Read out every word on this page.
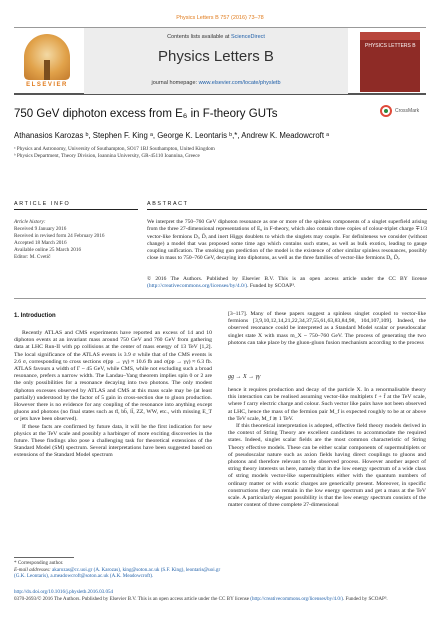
Physics Letters B 757 (2016) 73–78
ELSEVIER
Contents lists available at ScienceDirect
Physics Letters B
journal homepage: www.elsevier.com/locate/physletb
PHYSICS LETTERS B
750 GeV diphoton excess from E₆ in F-theory GUTs	CrossMark
Athanasios Karozas ᵇ, Stephen F. King ᵃ, George K. Leontaris ᵇ,*, Andrew K. Meadowcroft ᵃ
ᵃ Physics and Astronomy, University of Southampton, SO17 1BJ Southampton, United Kingdom
ᵇ Physics Department, Theory Division, Ioannina University, GR-45110 Ioannina, Greece
ARTICLE INFO	ABSTRACT
Article history:
Received 9 January 2016
Received in revised form 24 February 2016
Accepted 18 March 2016
Available online 25 March 2016
Editor: M. Cvetič
We interpret the 750–760 GeV diphoton resonance as one or more of the spinless components of a singlet superfield arising from the three 27-dimensional representations of E₆ in F-theory, which also contain three copies of colour-triplet charge ∓1/3 vector-like fermions Dᵢ, D̄ᵢ and inert Higgs doublets to which the singlets may couple. For definiteness we consider (without change) a model that was proposed some time ago which contains such states, as well as bulk exotics, leading to gauge coupling unification. The smoking gun prediction of the model is the existence of other similar spinless resonances, possibly close in mass to 750–760 GeV, decaying into diphotons, as well as the three families of vector-like fermions Dᵢ, D̄ᵢ.
© 2016 The Authors. Published by Elsevier B.V. This is an open access article under the CC BY license (http://creativecommons.org/licenses/by/4.0/). Funded by SCOAP³.
1. Introduction

Recently ATLAS and CMS experiments have reported an excess of 14 and 10 diphoton events at an invariant mass around 750 GeV and 760 GeV from gathering data at LHC Run-II with pp collisions at the center of mass energy of 13 TeV [1,2]. The local significance of the ATLAS events is 3.9 σ while that of the CMS events is 2.6 σ, corresponding to cross sections σ(pp → γγ) ≈ 10.6 fb and σ(pp → γγ) ≈ 6.3 fb. ATLAS favours a width of Γ ~ 45 GeV, while CMS, while not excluding such a broad resonance, prefers a narrow width. The Landau–Yang theorem implies spin 0 or 2 are the only possibilities for a resonance decaying into two photons. The only modest diphoton excesses observed by ATLAS and CMS at this mass scale may be (at least partially) understood by the factor of 5 gain in cross-section due to gluon production. However there is no evidence for any coupling of the resonance into anything except gluons and photons (no final states such as tt̄, bb̄, ll̄, ZZ, WW, etc., with missing E_T or jets have been observed).

If these facts are confirmed by future data, it will be the first indication for new physics at the TeV scale and possibly a harbinger of more exciting discoveries in the future. These findings also pose a challenging task for theoretical extensions of the Standard Model (SM) spectrum. Several interpretations have been suggested based on extensions of the Standard Model spectrum

[3–117]. Many of these papers suggest a spinless singlet coupled to vector-like fermions [3,9,10,12,14,21,22,34,37,55,61,63,83,84,98, 104,107,109]. Indeed, the observed resonance could be interpreted as a Standard Model scalar or pseudoscalar singlet state X with mass m_X ~ 750–760 GeV. The process of generating the two photons can take place by the gluon-gluon fusion mechanism according to the process

gg → X → γγ

hence it requires production and decay of the particle X. In a renormalisable theory this interaction can be realised assuming vector-like multiplets f + f̄ at the TeV scale, where f carry electric charge and colour. Such vector like pairs have not been observed at LHC, hence the mass of the fermion pair M_f is expected roughly to be at or above the TeV scale, M_f ≳ 1 TeV.

If this theoretical interpretation is adopted, effective field theory models derived in the context of String Theory are excellent candidates to accommodate the required states. Indeed, singlet scalar fields are the most common characteristic of String Theory effective models. These can be either scalar components of supermultiplets or of pseudoscalar nature such as axion fields having direct couplings to gluons and photons and therefore relevant to the observed process. However another aspect of string theory interests us here, namely that in the low energy spectrum of a wide class of string models vector-like supermultiplets either with the quantum numbers of ordinary matter or with exotic charges are generically present. Moreover, in specific constructions they can remain in the low energy spectrum and get a mass at the TeV scale. A particularly elegant possibility is that the low energy spectrum consists of the matter content of three complete 27-dimensional

* Corresponding author.
E-mail addresses: akarozas@cc.uoi.gr (A. Karozas), king@soton.ac.uk (S.F. King), leontaris@uoi.gr (G.K. Leontaris), a.meadowcroft@soton.ac.uk (A.K. Meadowcroft).
http://dx.doi.org/10.1016/j.physletb.2016.03.054
0370-2693/© 2016 The Authors. Published by Elsevier B.V. This is an open access article under the CC BY license (http://creativecommons.org/licenses/by/4.0/). Funded by SCOAP³.
